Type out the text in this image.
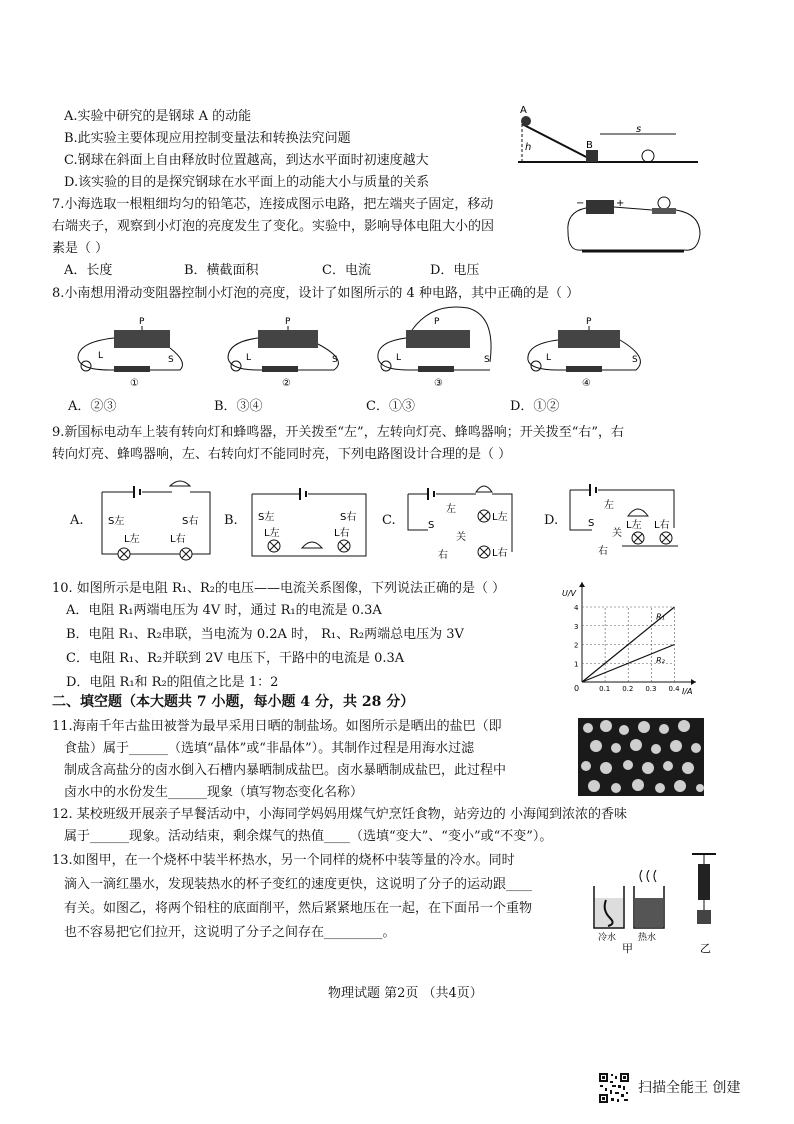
A.实验中研究的是钢球 A 的动能
B.此实验主要体现应用控制变量法和转换法究问题
C.钢球在斜面上自由释放时位置越高，到达水平面时初速度越大
D.该实验的目的是探究钢球在水平面上的动能大小与质量的关系
A
h	B
s
7.小海选取一根粗细均匀的铅笔芯，连接成图示电路，把左端夹子固定，移动
右端夹子，观察到小灯泡的亮度发生了变化。实验中，影响导体电阻大小的因
素是（ ）
A．长度	B．横截面积	C．电流	D．电压
−	+
8.小南想用滑动变阻器控制小灯泡的亮度，设计了如图所示的 4 种电路，其中正确的是（ ）
P
L	S
①
P
L	S
②
P
L	S
③
P
L	S
④
A．②③	B．③④	C．①③	D．①②
9.新国标电动车上装有转向灯和蜂鸣器，开关拨至“左”，左转向灯亮、蜂鸣器响；开关拨至“右”，右
转向灯亮、蜂鸣器响，左、右转向灯不能同时亮，下列电路图设计合理的是（ ）
A. S左	S右
L左	L右
B. S左	S右
L左	L右
C.	S
左
关
右
L左
L右
D.
左
S
关
右
L左 L右
10. 如图所示是电阻 R₁、R₂的电压——电流关系图像，下列说法正确的是（ ）
A．电阻 R₁两端电压为 4V 时，通过 R₁的电流是 0.3A
B．电阻 R₁、R₂串联，当电流为 0.2A 时， R₁、R₂两端总电压为 3V
C．电阻 R₁、R₂并联到 2V 电压下，干路中的电流是 0.3A
D．电阻 R₁和 R₂的阻值之比是 1：2
U/V
I/A
0	0.1 0.2 0.3 0.4
1
2
3
4
R₁
R₂
二、填空题（本大题共 7 小题，每小题 4 分，共 28 分）
11.海南千年古盐田被誉为最早采用日晒的制盐场。如图所示是晒出的盐巴（即
食盐）属于______（选填“晶体”或“非晶体”）。其制作过程是用海水过滤
制成含高盐分的卤水倒入石槽内暴晒制成盐巴。卤水暴晒制成盐巴，此过程中
卤水中的水份发生______现象（填写物态变化名称）
12. 某校班级开展亲子早餐活动中，小海同学妈妈用煤气炉烹饪食物，站旁边的 小海闻到浓浓的香味
属于______现象。活动结束，剩余煤气的热值____（选填“变大”、“变小”或“不变”）。
13.如图甲，在一个烧杯中装半杯热水，另一个同样的烧杯中装等量的冷水。同时
滴入一滴红墨水，发现装热水的杯子变红的速度更快，这说明了分子的运动跟____
有关。如图乙，将两个铅柱的底面削平，然后紧紧地压在一起，在下面吊一个重物
也不容易把它们拉开，这说明了分子之间存在_________。	冷水 热水
甲	乙
物理试题 第2页 （共4页）
扫描全能王 创建
